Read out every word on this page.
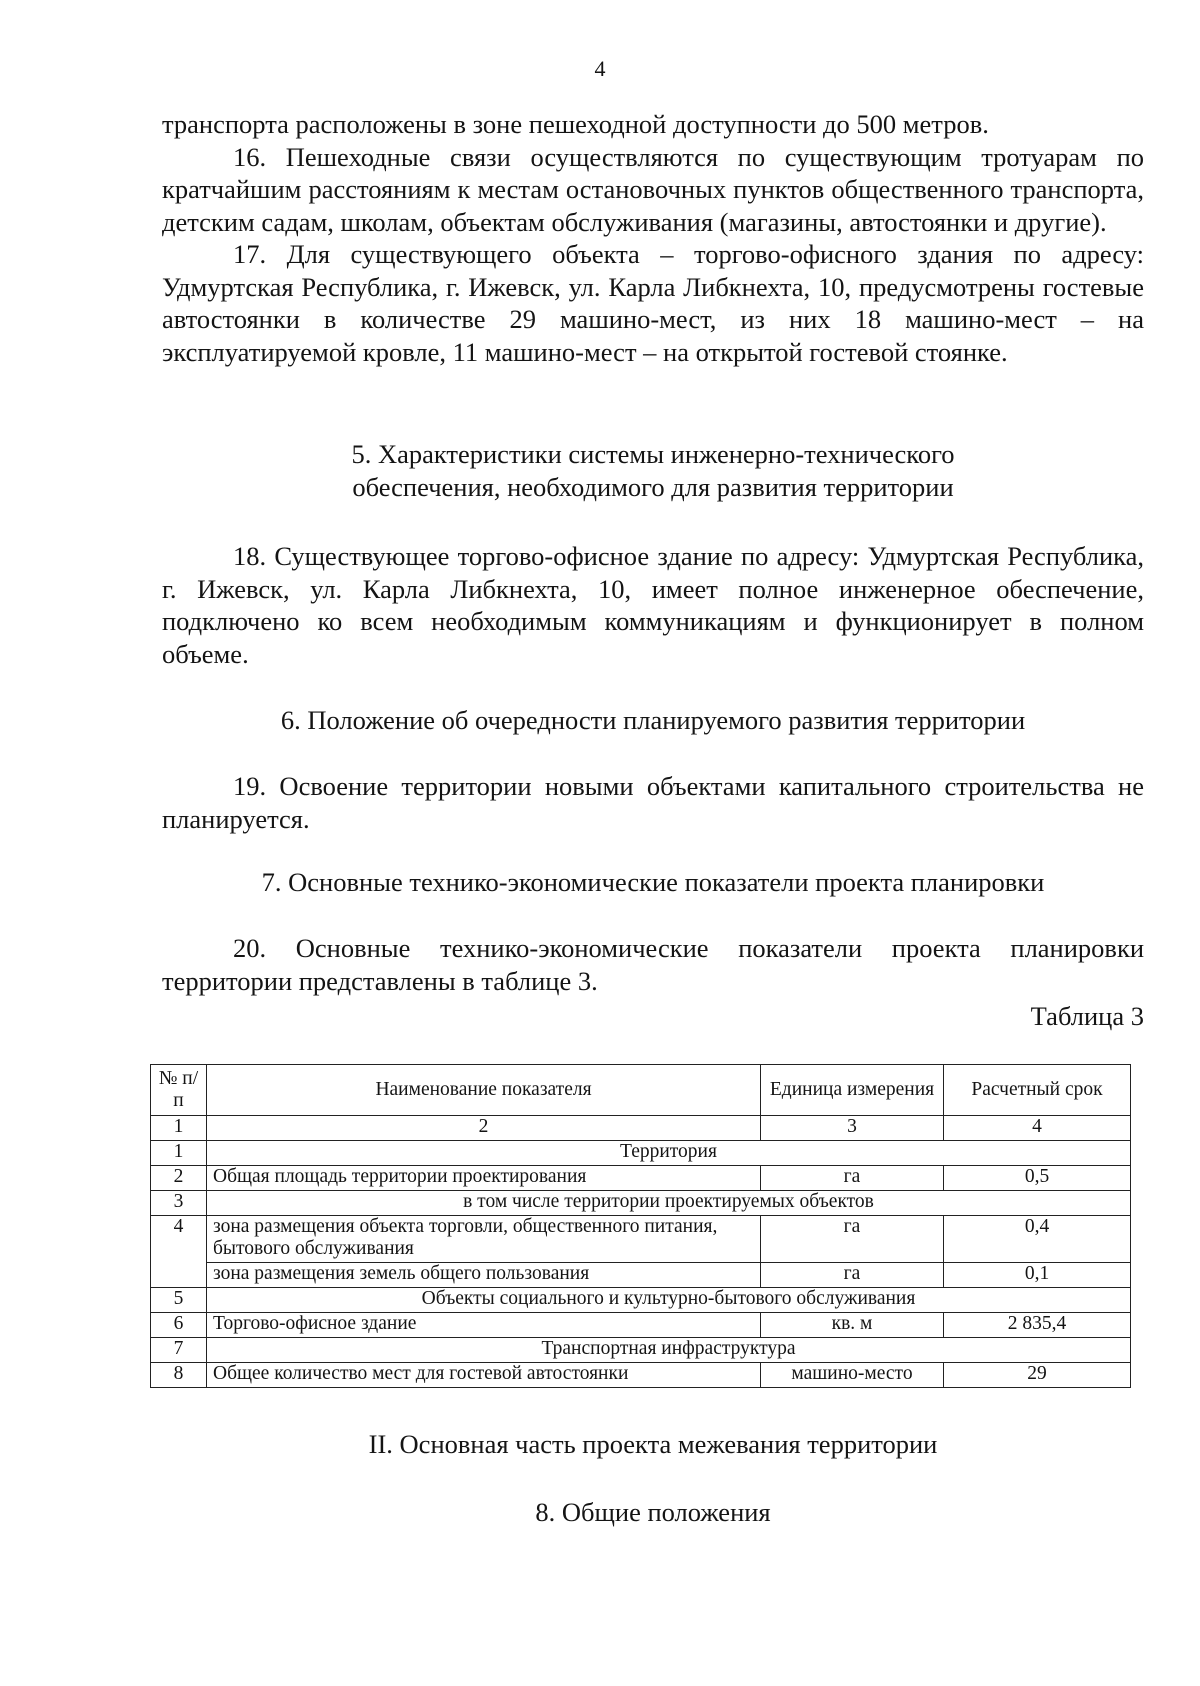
4

транспорта расположены в зоне пешеходной доступности до 500 метров.

16. Пешеходные связи осуществляются по существующим тротуарам по кратчайшим расстояниям к местам остановочных пунктов общественного транспорта, детским садам, школам, объектам обслуживания (магазины, автостоянки и другие).

17. Для существующего объекта – торгово-офисного здания по адресу: Удмуртская Республика, г. Ижевск, ул. Карла Либкнехта, 10, предусмотрены гостевые автостоянки в количестве 29 машино-мест, из них 18 машино-мест – на эксплуатируемой кровле, 11 машино-мест – на открытой гостевой стоянке.

5. Характеристики системы инженерно-технического

обеспечения, необходимого для развития территории

18. Существующее торгово-офисное здание по адресу: Удмуртская Республика, г. Ижевск, ул. Карла Либкнехта, 10, имеет полное инженерное обеспечение, подключено ко всем необходимым коммуникациям и функционирует в полном объеме.

6. Положение об очередности планируемого развития территории

19. Освоение территории новыми объектами капитального строительства не планируется.

7. Основные технико-экономические показатели проекта планировки

20. Основные технико-экономические показатели проекта планировки территории представлены в таблице 3.

Таблица 3

№ п/п	Наименование показателя	Единица измерения	Расчетный срок
1	2	3	4
1	Территория		
2	Общая площадь территории проектирования	га	0,5
3	в том числе территории проектируемых объектов		
4	зона размещения объекта торговли, общественного питания, бытового обслуживания	га	0,4
	зона размещения земель общего пользования	га	0,1
5	Объекты социального и культурно-бытового обслуживания		
6	Торгово-офисное здание	кв. м	2 835,4
7	Транспортная инфраструктура		
8	Общее количество мест для гостевой автостоянки	машино-место	29

II. Основная часть проекта межевания территории

8. Общие положения
